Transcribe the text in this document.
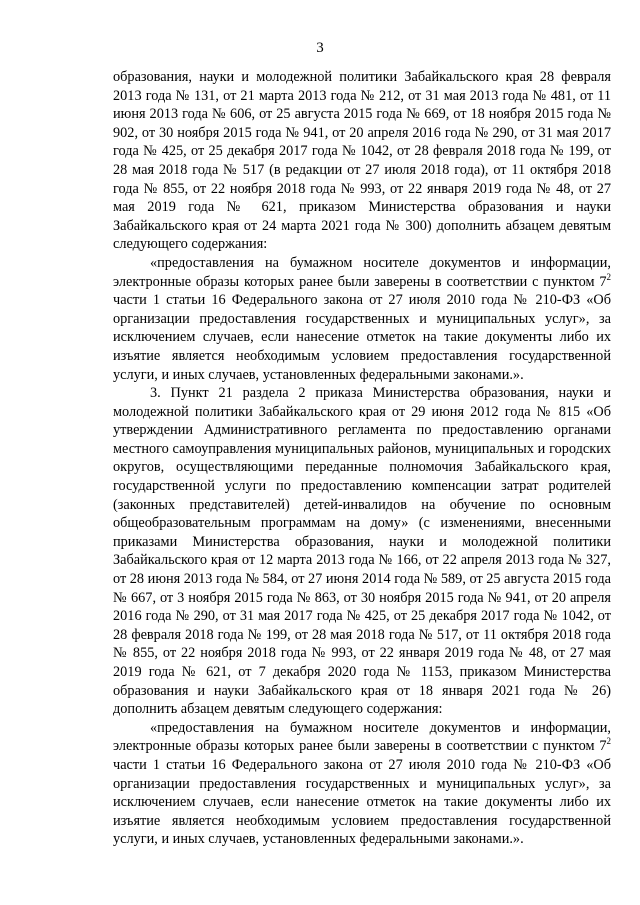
3

образования, науки и молодежной политики Забайкальского края 28 февраля 2013 года № 131, от 21 марта 2013 года № 212, от 31 мая 2013 года № 481, от 11 июня 2013 года № 606, от 25 августа 2015 года № 669, от 18 ноября 2015 года № 902, от 30 ноября 2015 года № 941, от 20 апреля 2016 года № 290, от 31 мая 2017 года № 425, от 25 декабря 2017 года № 1042, от 28 февраля 2018 года № 199, от 28 мая 2018 года № 517 (в редакции от 27 июля 2018 года), от 11 октября 2018 года № 855, от 22 ноября 2018 года № 993, от 22 января 2019 года № 48, от 27 мая 2019 года № 621, приказом Министерства образования и науки Забайкальского края от 24 марта 2021 года № 300) дополнить абзацем девятым следующего содержания:

«предоставления на бумажном носителе документов и информации, электронные образы которых ранее были заверены в соответствии с пунктом $7^2$ части 1 статьи 16 Федерального закона от 27 июля 2010 года № 210-ФЗ «Об организации предоставления государственных и муниципальных услуг», за исключением случаев, если нанесение отметок на такие документы либо их изъятие является необходимым условием предоставления государственной услуги, и иных случаев, установленных федеральными законами.».

3. Пункт 21 раздела 2 приказа Министерства образования, науки и молодежной политики Забайкальского края от 29 июня 2012 года № 815 «Об утверждении Административного регламента по предоставлению органами местного самоуправления муниципальных районов, муниципальных и городских округов, осуществляющими переданные полномочия Забайкальского края, государственной услуги по предоставлению компенсации затрат родителей (законных представителей) детей-инвалидов на обучение по основным общеобразовательным программам на дому» (с изменениями, внесенными приказами Министерства образования, науки и молодежной политики Забайкальского края от 12 марта 2013 года № 166, от 22 апреля 2013 года № 327, от 28 июня 2013 года № 584, от 27 июня 2014 года № 589, от 25 августа 2015 года № 667, от 3 ноября 2015 года № 863, от 30 ноября 2015 года № 941, от 20 апреля 2016 года № 290, от 31 мая 2017 года № 425, от 25 декабря 2017 года № 1042, от 28 февраля 2018 года № 199, от 28 мая 2018 года № 517, от 11 октября 2018 года № 855, от 22 ноября 2018 года № 993, от 22 января 2019 года № 48, от 27 мая 2019 года № 621, от 7 декабря 2020 года № 1153, приказом Министерства образования и науки Забайкальского края от 18 января 2021 года № 26) дополнить абзацем девятым следующего содержания:

«предоставления на бумажном носителе документов и информации, электронные образы которых ранее были заверены в соответствии с пунктом $7^2$ части 1 статьи 16 Федерального закона от 27 июля 2010 года № 210-ФЗ «Об организации предоставления государственных и муниципальных услуг», за исключением случаев, если нанесение отметок на такие документы либо их изъятие является необходимым условием предоставления государственной услуги, и иных случаев, установленных федеральными законами.».
